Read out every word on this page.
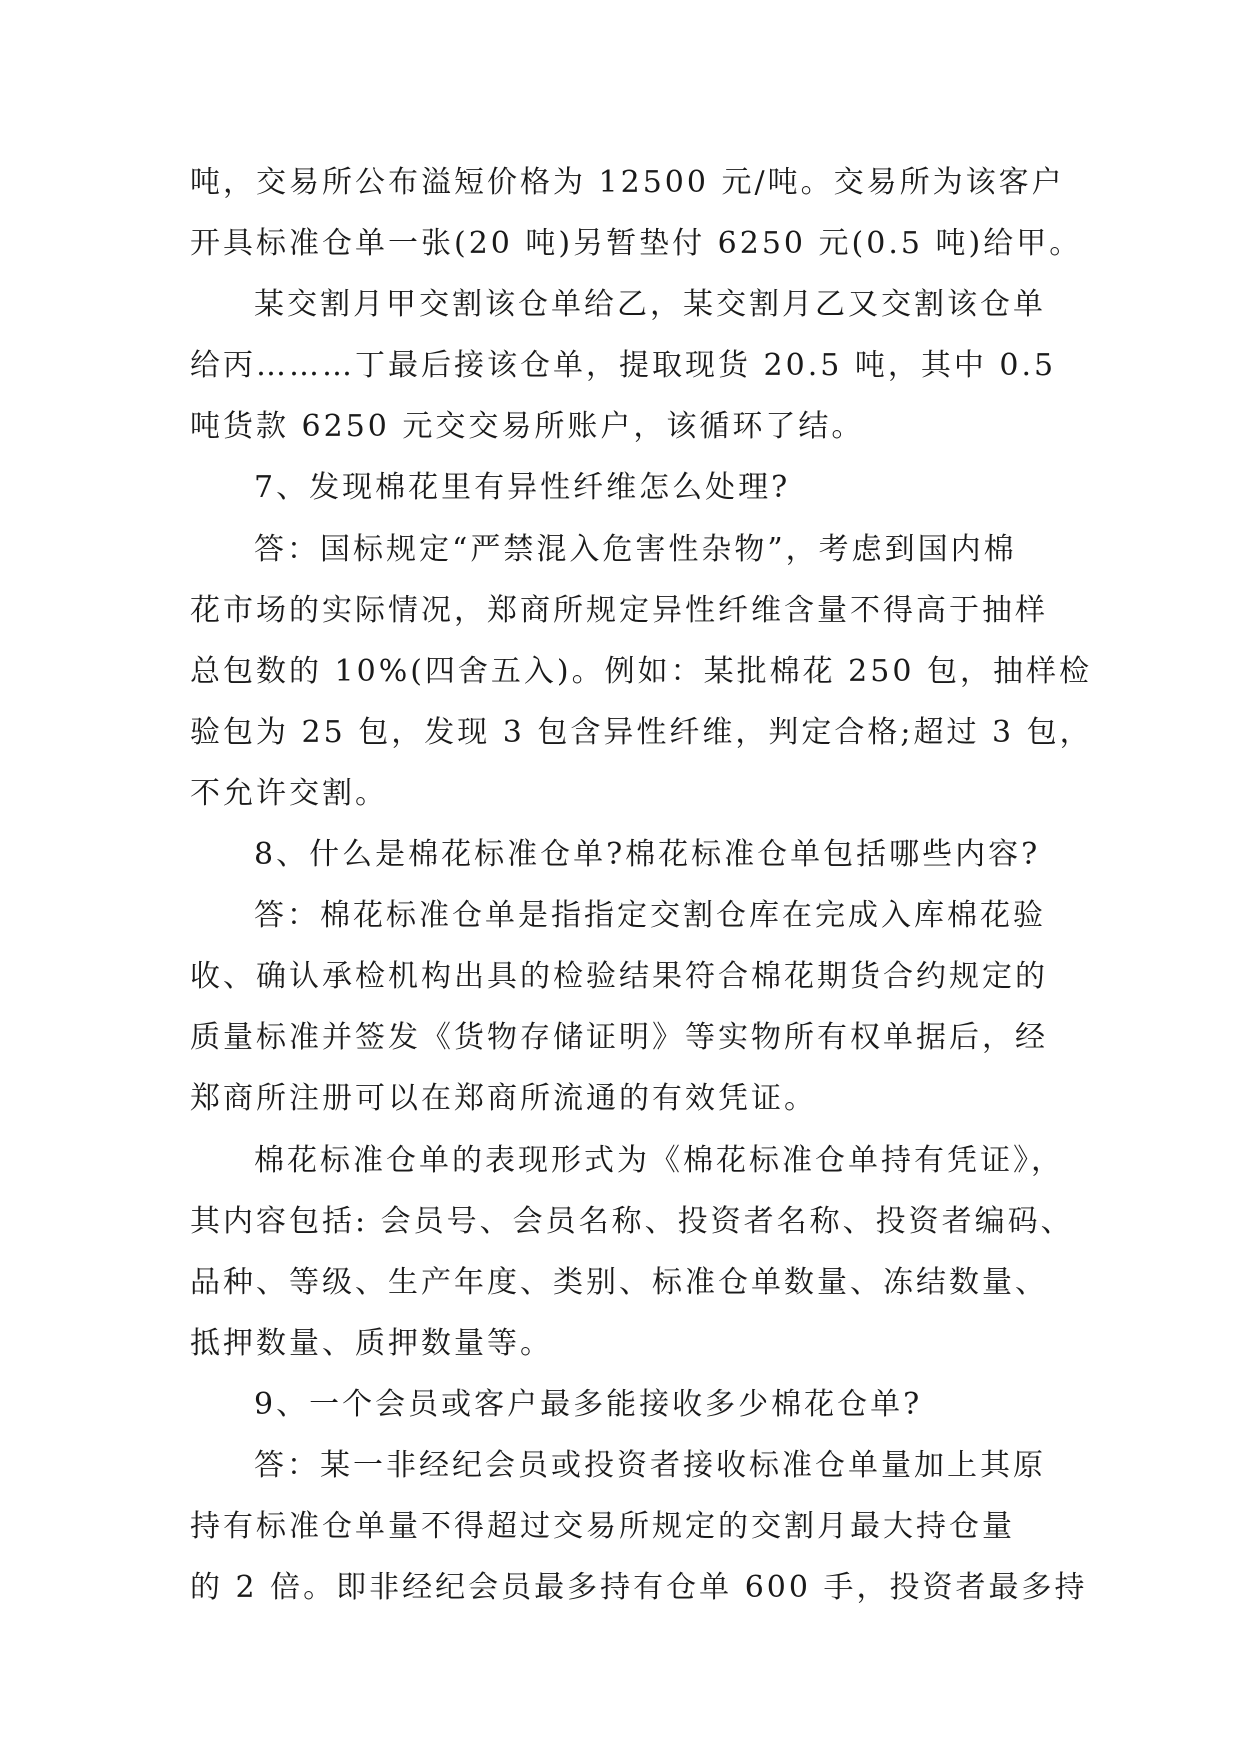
吨，交易所公布溢短价格为 12500 元/吨。交易所为该客户
开具标准仓单一张(20 吨)另暂垫付 6250 元(0.5 吨)给甲。
某交割月甲交割该仓单给乙，某交割月乙又交割该仓单
给丙………丁最后接该仓单，提取现货 20.5 吨，其中 0.5
吨货款 6250 元交交易所账户，该循环了结。
7、发现棉花里有异性纤维怎么处理?
答：国标规定“严禁混入危害性杂物”，考虑到国内棉
花市场的实际情况，郑商所规定异性纤维含量不得高于抽样
总包数的 10%(四舍五入)。例如：某批棉花 250 包，抽样检
验包为 25 包，发现 3 包含异性纤维，判定合格;超过 3 包，
不允许交割。
8、什么是棉花标准仓单?棉花标准仓单包括哪些内容?
答：棉花标准仓单是指指定交割仓库在完成入库棉花验
收、确认承检机构出具的检验结果符合棉花期货合约规定的
质量标准并签发《货物存储证明》等实物所有权单据后，经
郑商所注册可以在郑商所流通的有效凭证。
棉花标准仓单的表现形式为《棉花标准仓单持有凭证》，
其内容包括: 会员号、会员名称、投资者名称、投资者编码、
品种、等级、生产年度、类别、标准仓单数量、冻结数量、
抵押数量、质押数量等。
9、一个会员或客户最多能接收多少棉花仓单?
答：某一非经纪会员或投资者接收标准仓单量加上其原
持有标准仓单量不得超过交易所规定的交割月最大持仓量
的 2 倍。即非经纪会员最多持有仓单 600 手，投资者最多持
